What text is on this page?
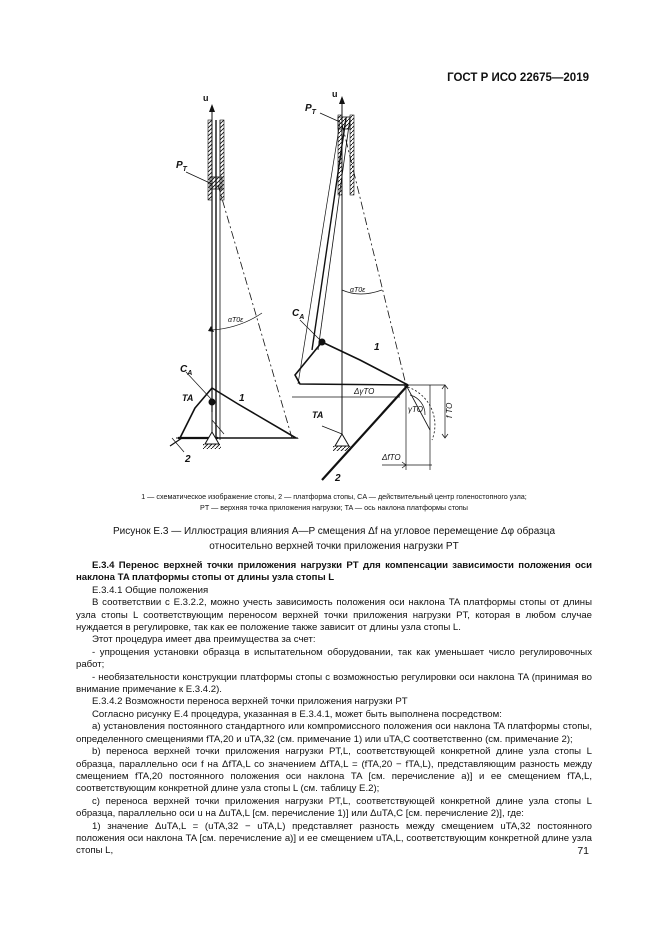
ГОСТ Р ИСО 22675—2019
u
$P_T$
αT0ε
$C_A$
TA	1
2
u
$P_T$
αT0ε
$C_A$
1
ΔγTO
TA
γTO	f TO
ΔfTO
2
1 — схематическое изображение стопы, 2 — платформа стопы, CA — действительный центр голеностопного узла;
PT — верхняя точка приложения нагрузки; TA — ось наклона платформы стопы
Рисунок Е.3 — Иллюстрация влияния A—P смещения Δf на угловое перемещение Δφ образца
относительно верхней точки приложения нагрузки PT

Е.3.4 Перенос верхней точки приложения нагрузки PT для компенсации зависимости положения оси наклона TA платформы стопы от длины узла стопы L

Е.3.4.1 Общие положения

В соответствии с Е.3.2.2, можно учесть зависимость положения оси наклона TA платформы стопы от длины узла стопы L соответствующим переносом верхней точки приложения нагрузки PT, которая в любом случае нуждается в регулировке, так как ее положение также зависит от длины узла стопы L.

Этот процедура имеет два преимущества за счет:

- упрощения установки образца в испытательном оборудовании, так как уменьшает число регулировочных работ;

- необязательности конструкции платформы стопы с возможностью регулировки оси наклона TA (принимая во внимание примечание к Е.3.4.2).

Е.3.4.2 Возможности переноса верхней точки приложения нагрузки PT

Согласно рисунку Е.4 процедура, указанная в Е.3.4.1, может быть выполнена посредством:

а) установления постоянного стандартного или компромиссного положения оси наклона TA платформы стопы, определенного смещениями fTA,20 и uTA,32 (см. примечание 1) или uTA,C соответственно (см. примечание 2);

b) переноса верхней точки приложения нагрузки PT,L, соответствующей конкретной длине узла стопы L образца, параллельно оси f на ΔfTA,L со значением ΔfTA,L = (fTA,20 − fTA,L), представляющим разность между смещением fTA,20 постоянного положения оси наклона TA [см. перечисление а)] и ее смещением fTA,L, соответствующим конкретной длине узла стопы L (см. таблицу Е.2);

с) переноса верхней точки приложения нагрузки PT,L, соответствующей конкретной длине узла стопы L образца, параллельно оси u на ΔuTA,L [см. перечисление 1)] или ΔuTA,C [см. перечисление 2)], где:

1) значение ΔuTA,L = (uTA,32 − uTA,L) представляет разность между смещением uTA,32 постоянного положения оси наклона TA [см. перечисление а)] и ее смещением uTA,L, соответствующим конкретной длине узла стопы L,	71
